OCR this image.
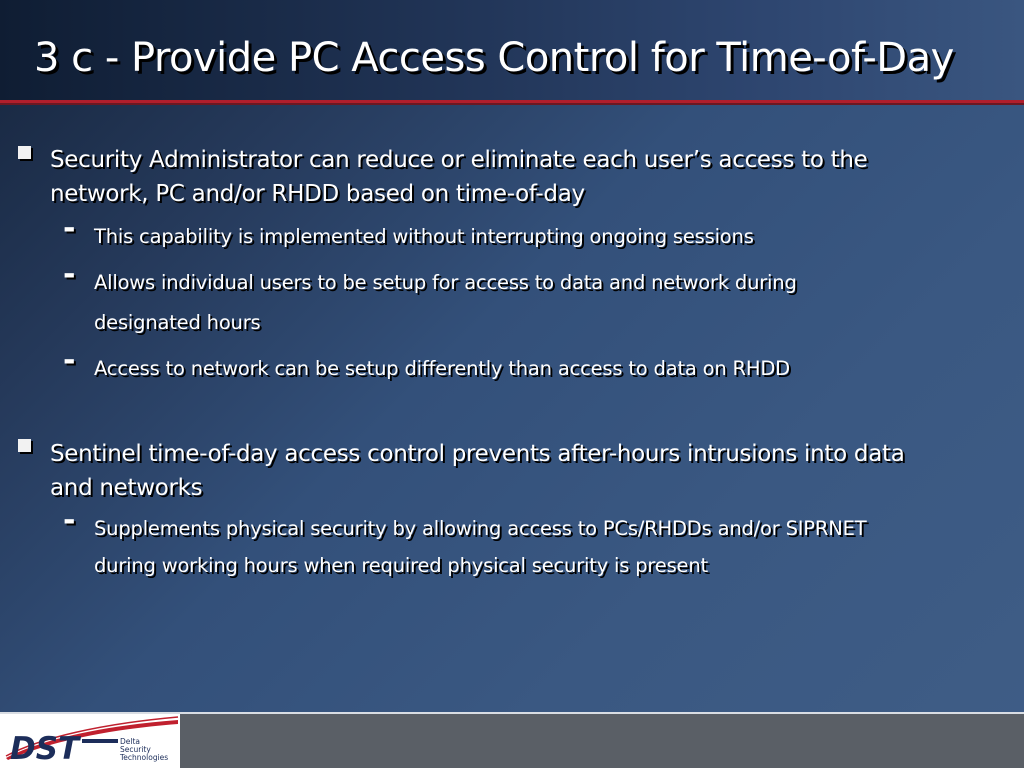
3 c - Provide PC Access Control for Time-of-Day
Security Administrator can reduce or eliminate each user’s access to the
network, PC and/or RHDD based on time-of-day
- This capability is implemented without interrupting ongoing sessions
- Allows individual users to be setup for access to data and network during
designated hours
- Access to network can be setup differently than access to data on RHDD
Sentinel time-of-day access control prevents after-hours intrusions into data
and networks
- Supplements physical security by allowing access to PCs/RHDDs and/or SIPRNET
during working hours when required physical security is present
DST	Delta
Security
Technologies
